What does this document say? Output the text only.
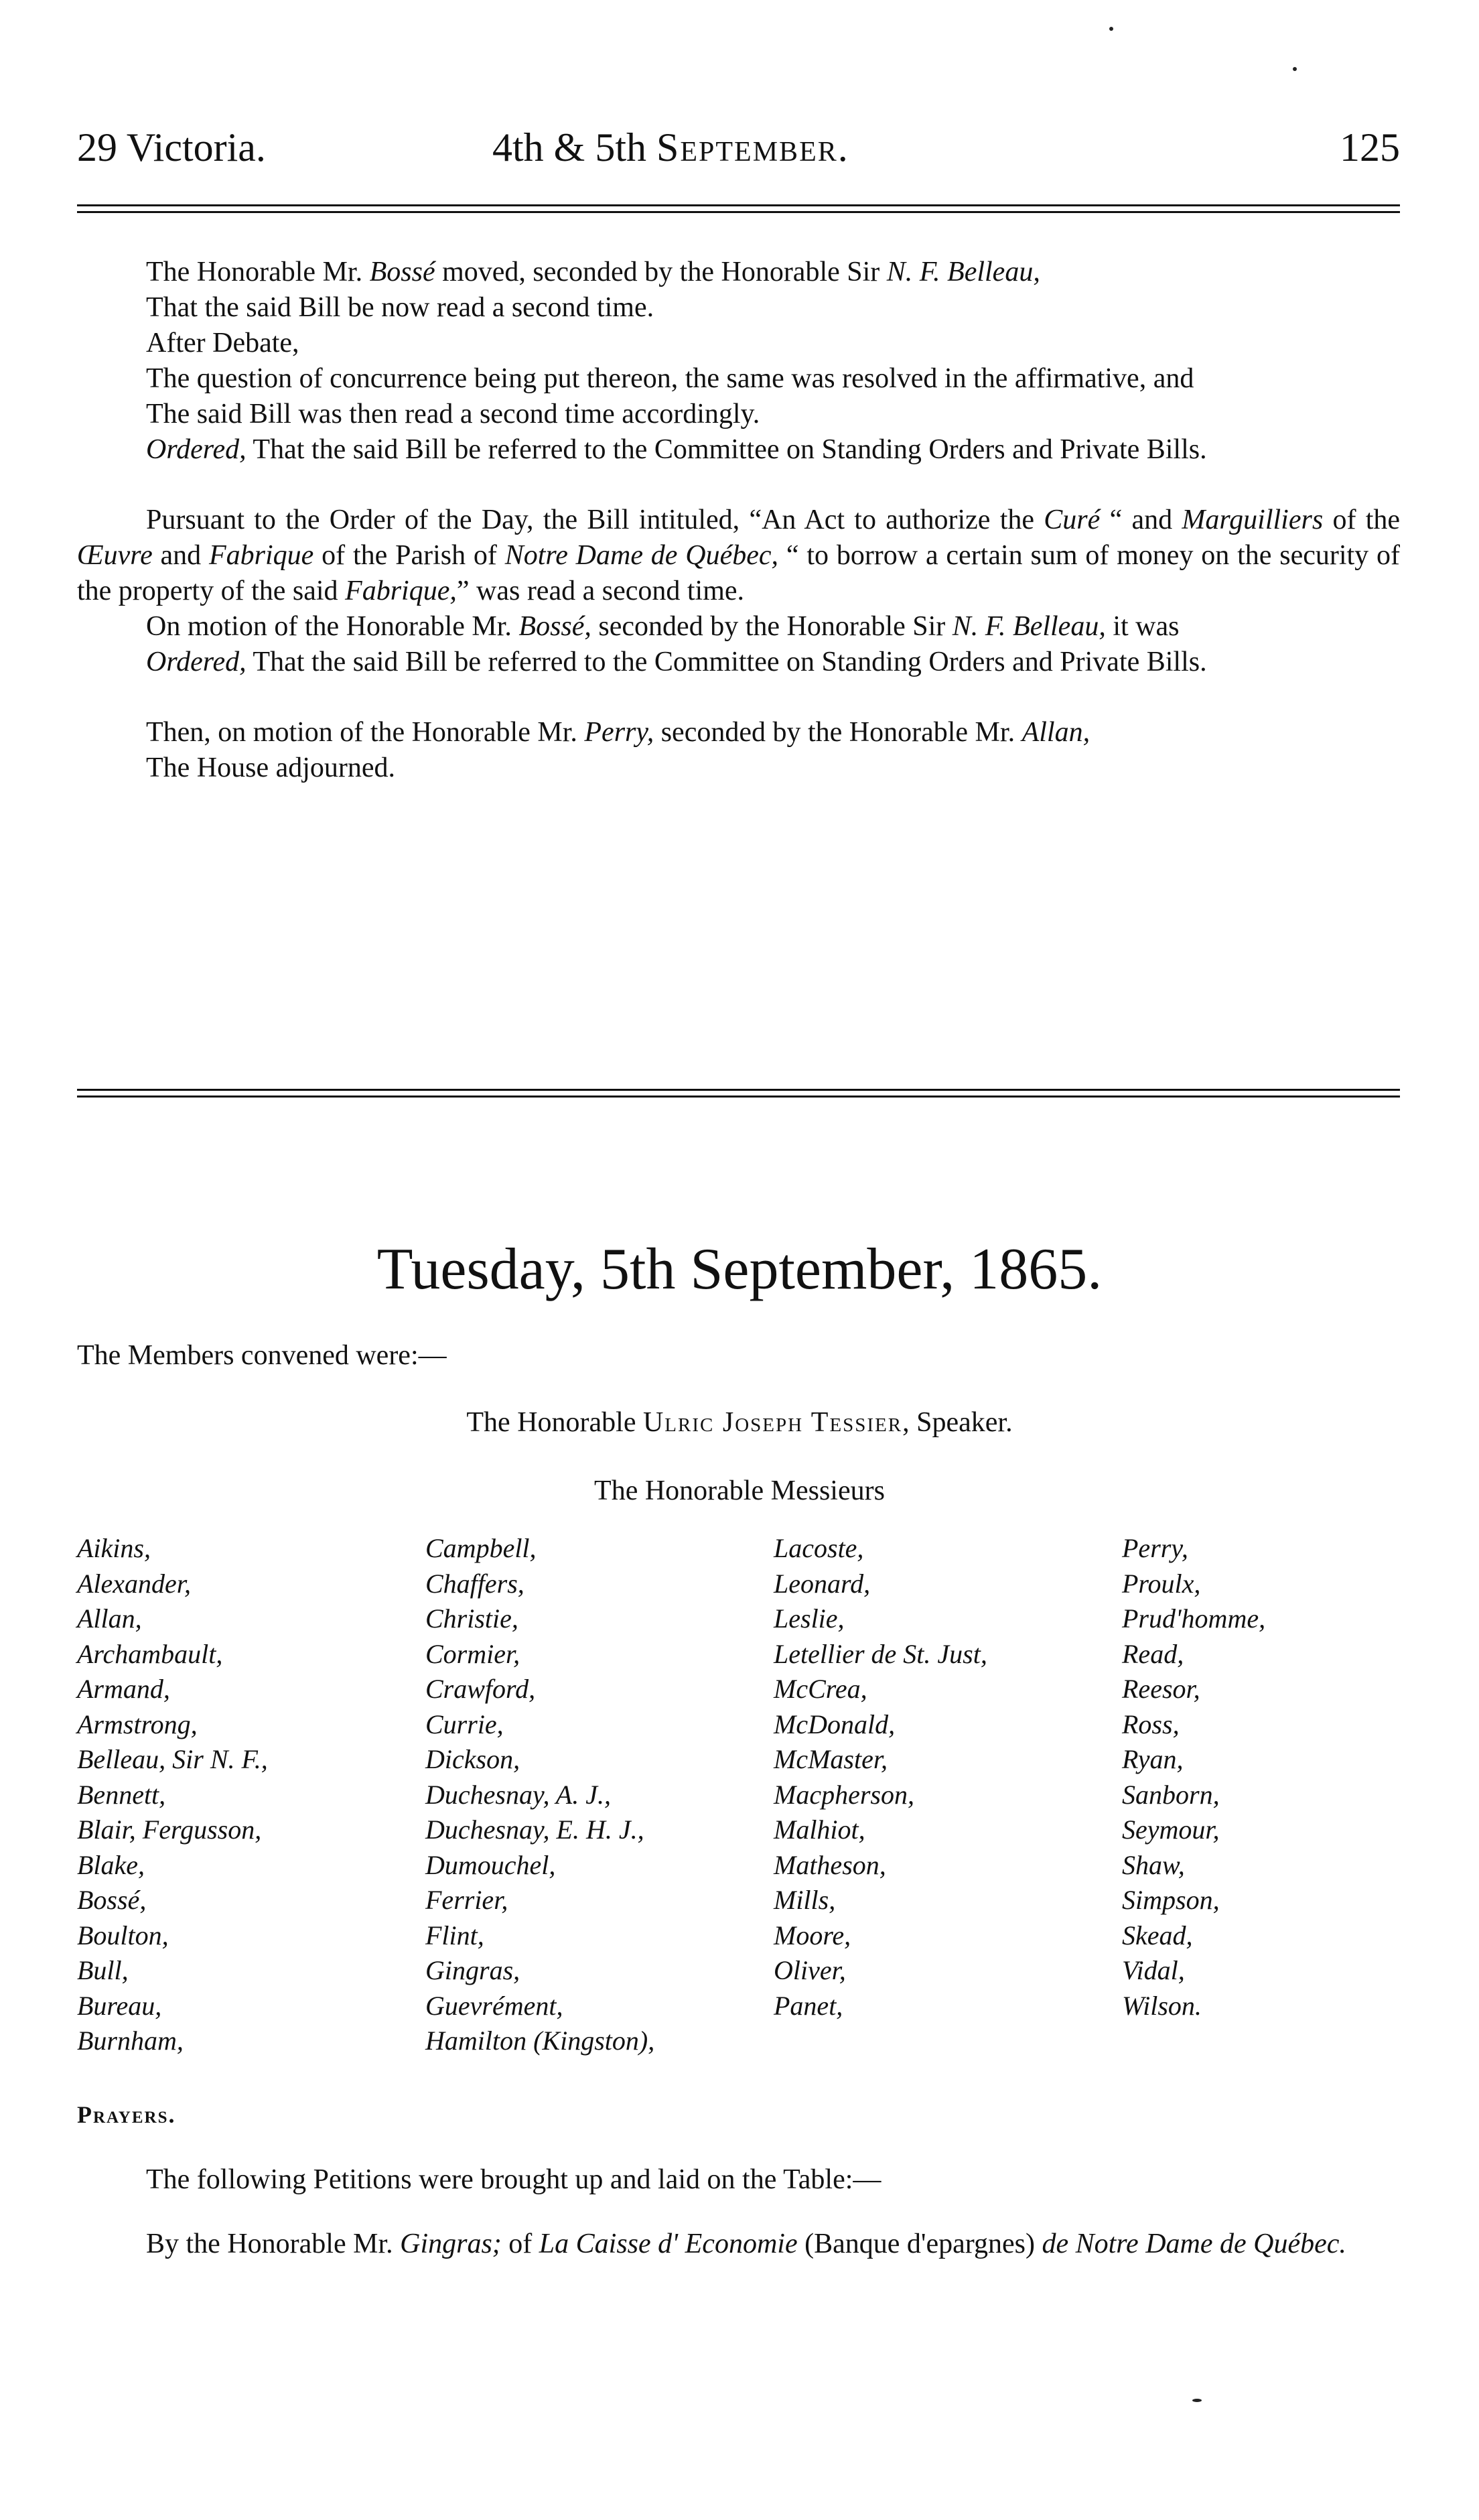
29 Victoria.	4th & 5th September.	125

The Honorable Mr. Bossé moved, seconded by the Honorable Sir N. F. Belleau,

That the said Bill be now read a second time.

After Debate,

The question of concurrence being put thereon, the same was resolved in the affirmative, and

The said Bill was then read a second time accordingly.

Ordered, That the said Bill be referred to the Committee on Standing Orders and Private Bills.

Pursuant to the Order of the Day, the Bill intituled, “An Act to authorize the Curé “ and Marguilliers of the Œuvre and Fabrique of the Parish of Notre Dame de Québec, “ to borrow a certain sum of money on the security of the property of the said Fabrique,” was read a second time.

On motion of the Honorable Mr. Bossé, seconded by the Honorable Sir N. F. Belleau, it was

Ordered, That the said Bill be referred to the Committee on Standing Orders and Private Bills.

Then, on motion of the Honorable Mr. Perry, seconded by the Honorable Mr. Allan,

The House adjourned.

Tuesday, 5th September, 1865.
The Members convened were:—
The Honorable Ulric Joseph Tessier, Speaker.
The Honorable Messieurs
Aikins,
Alexander,
Allan,
Archambault,
Armand,
Armstrong,
Belleau, Sir N. F.,
Bennett,
Blair, Fergusson,
Blake,
Bossé,
Boulton,
Bull,
Bureau,
Burnham,
Campbell,
Chaffers,
Christie,
Cormier,
Crawford,
Currie,
Dickson,
Duchesnay, A. J.,
Duchesnay, E. H. J.,
Dumouchel,
Ferrier,
Flint,
Gingras,
Guevrément,
Hamilton (Kingston),
Lacoste,
Leonard,
Leslie,
Letellier de St. Just,
McCrea,
McDonald,
McMaster,
Macpherson,
Malhiot,
Matheson,
Mills,
Moore,
Oliver,
Panet,
Perry,
Proulx,
Prud'homme,
Read,
Reesor,
Ross,
Ryan,
Sanborn,
Seymour,
Shaw,
Simpson,
Skead,
Vidal,
Wilson.
Prayers.

The following Petitions were brought up and laid on the Table:—

By the Honorable Mr. Gingras; of La Caisse d' Economie (Banque d'epargnes) de Notre Dame de Québec.
